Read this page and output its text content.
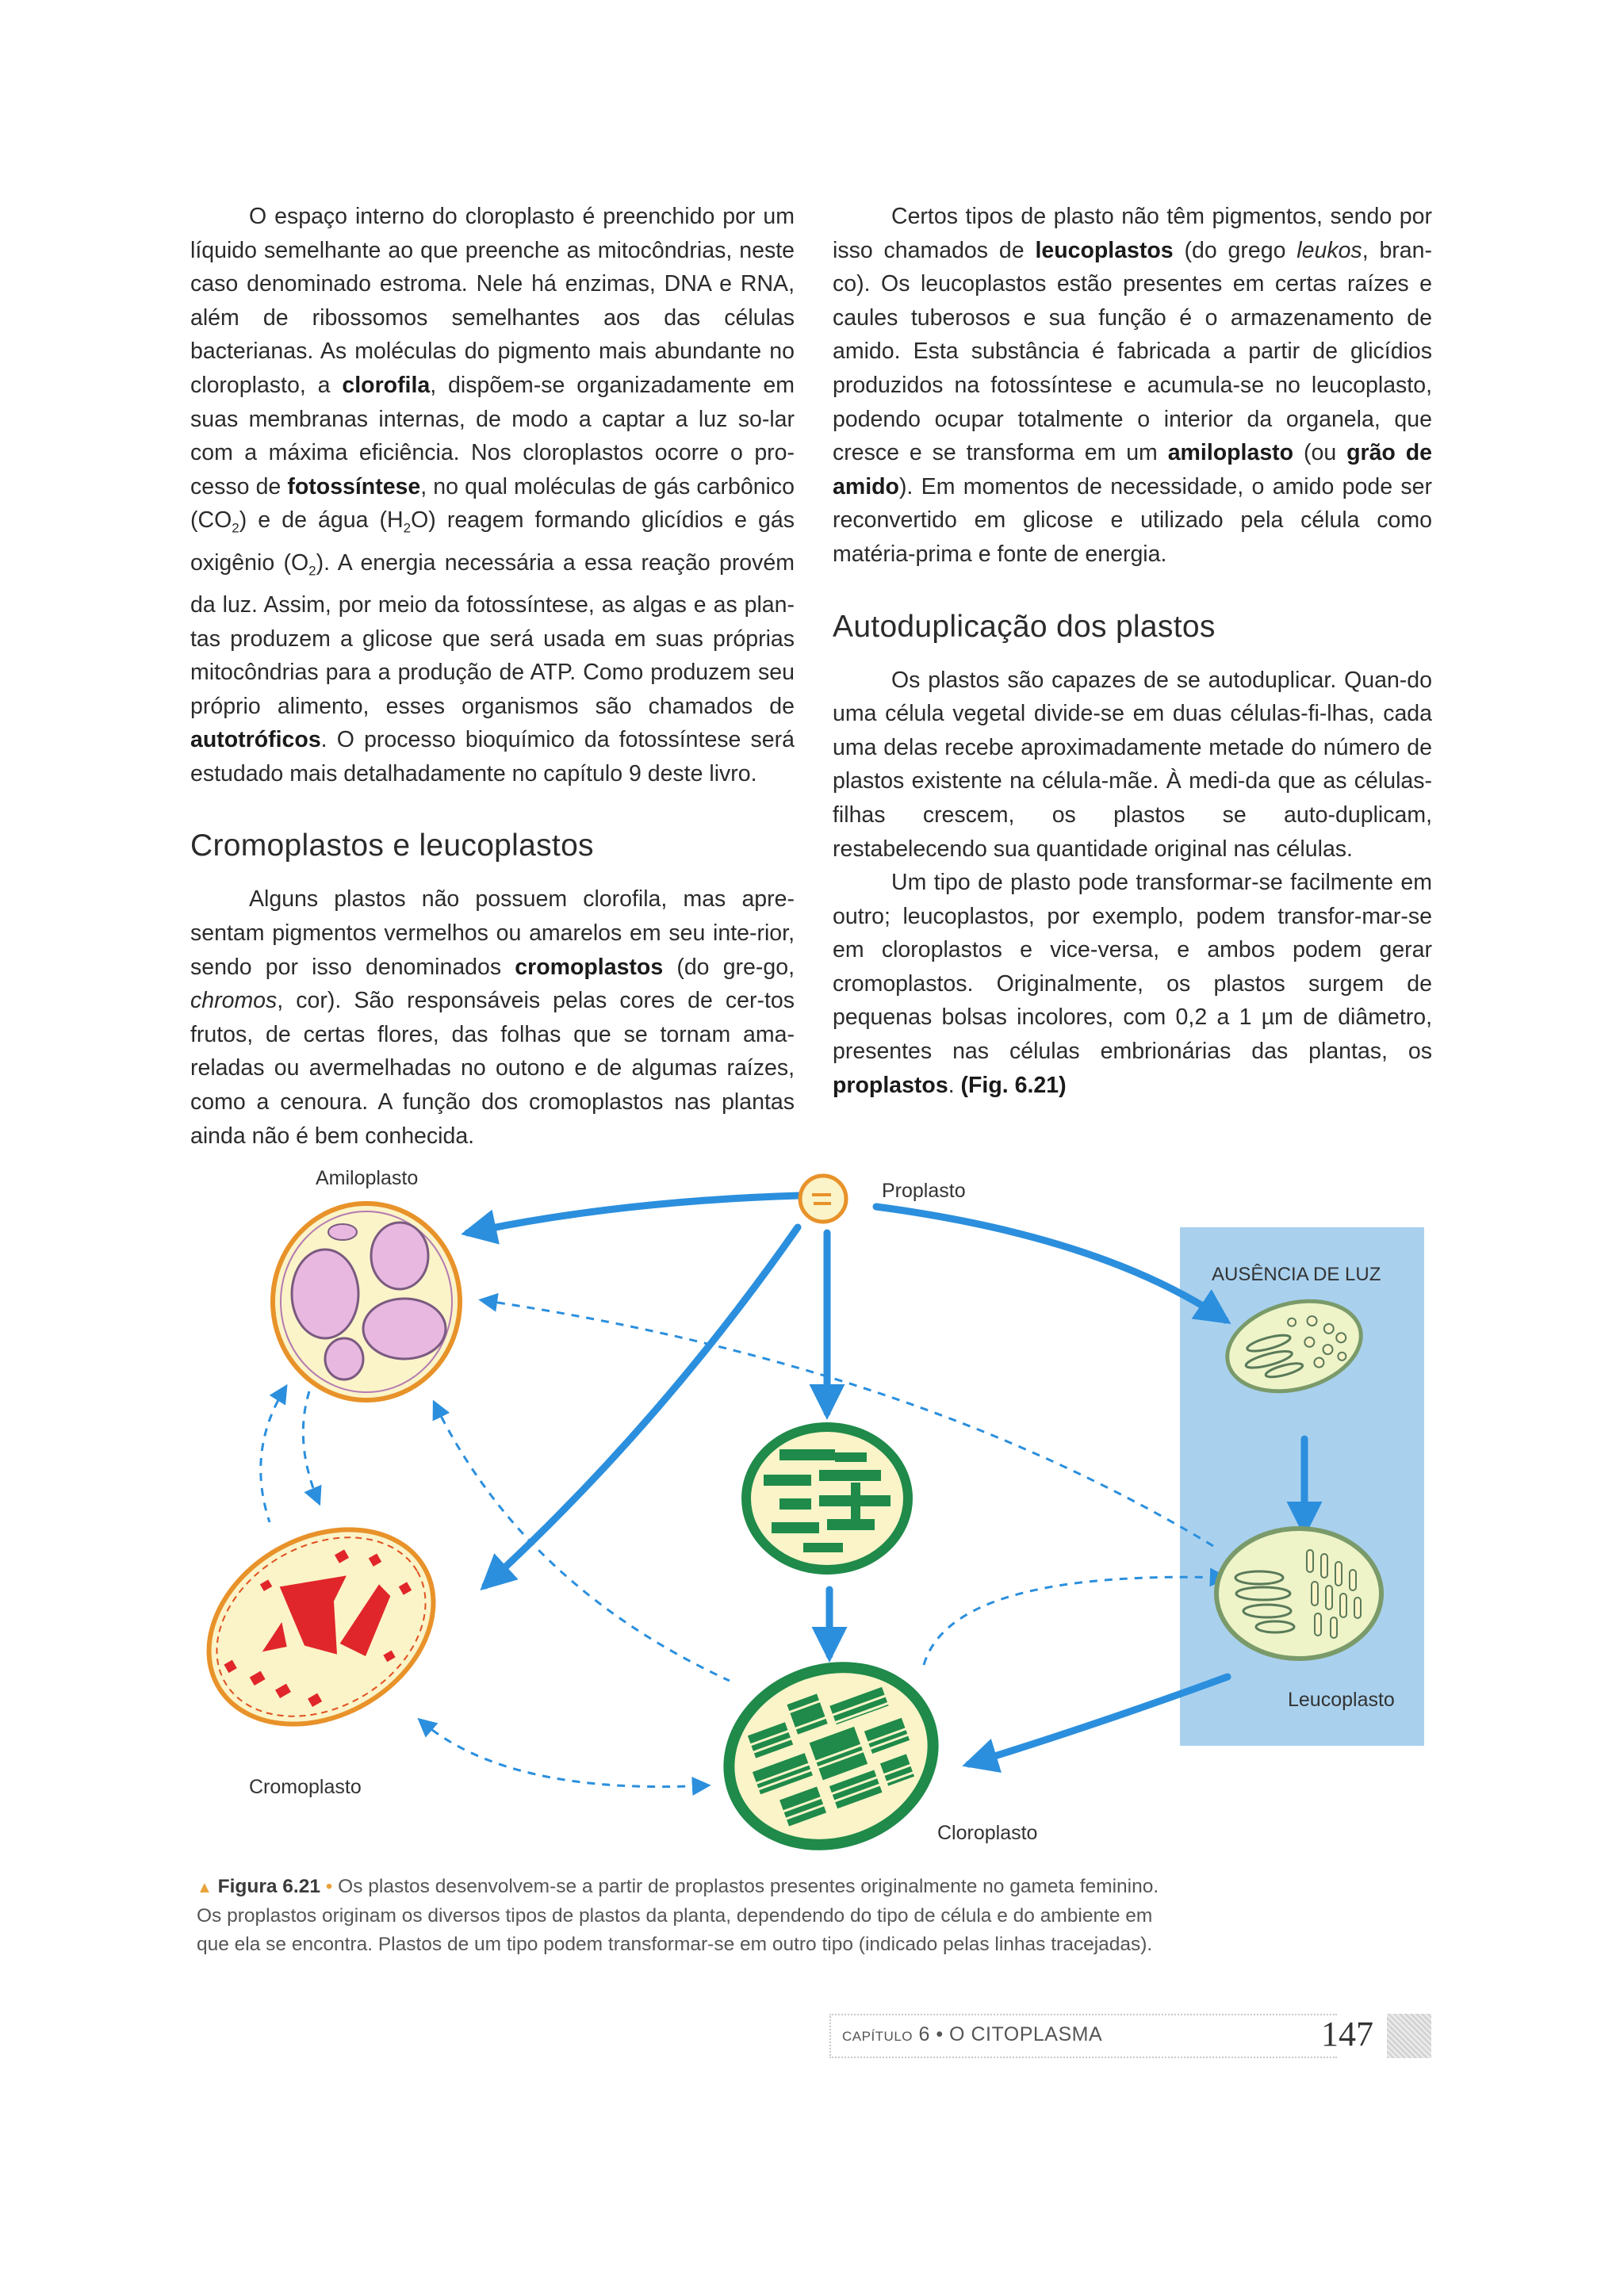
O espaço interno do cloroplasto é preenchido por um líquido semelhante ao que preenche as mitocôndrias, neste caso denominado estroma. Nele há enzimas, DNA e RNA, além de ribossomos semelhantes aos das células bacterianas. As moléculas do pigmento mais abundante no cloroplasto, a clorofila, dispõem-se organizadamente em suas membranas internas, de modo a captar a luz so-lar com a máxima eficiência. Nos cloroplastos ocorre o pro-cesso de fotossíntese, no qual moléculas de gás carbônico $(CO_2)$ e de água $(H_2O)$ reagem formando glicídios e gás oxigênio $(O_2)$. A energia necessária a essa reação provém da luz. Assim, por meio da fotossíntese, as algas e as plan-tas produzem a glicose que será usada em suas próprias mitocôndrias para a produção de ATP. Como produzem seu próprio alimento, esses organismos são chamados de autotróficos. O processo bioquímico da fotossíntese será estudado mais detalhadamente no capítulo 9 deste livro.

Cromoplastos e leucoplastos

Alguns plastos não possuem clorofila, mas apre-sentam pigmentos vermelhos ou amarelos em seu inte-rior, sendo por isso denominados cromoplastos (do gre-go, chromos, cor). São responsáveis pelas cores de cer-tos frutos, de certas flores, das folhas que se tornam ama-reladas ou avermelhadas no outono e de algumas raízes, como a cenoura. A função dos cromoplastos nas plantas ainda não é bem conhecida.

Certos tipos de plasto não têm pigmentos, sendo por isso chamados de leucoplastos (do grego leukos, bran-co). Os leucoplastos estão presentes em certas raízes e caules tuberosos e sua função é o armazenamento de amido. Esta substância é fabricada a partir de glicídios produzidos na fotossíntese e acumula-se no leucoplasto, podendo ocupar totalmente o interior da organela, que cresce e se transforma em um amiloplasto (ou grão de amido). Em momentos de necessidade, o amido pode ser reconvertido em glicose e utilizado pela célula como matéria-prima e fonte de energia.

Autoduplicação dos plastos

Os plastos são capazes de se autoduplicar. Quan-do uma célula vegetal divide-se em duas células-fi-lhas, cada uma delas recebe aproximadamente metade do número de plastos existente na célula-mãe. À medi-da que as células-filhas crescem, os plastos se auto-duplicam, restabelecendo sua quantidade original nas células.

Um tipo de plasto pode transformar-se facilmente em outro; leucoplastos, por exemplo, podem transfor-mar-se em cloroplastos e vice-versa, e ambos podem gerar cromoplastos. Originalmente, os plastos surgem de pequenas bolsas incolores, com 0,2 a 1 µm de diâmetro, presentes nas células embrionárias das plantas, os proplastos. (Fig. 6.21)

Amiloplasto
Proplasto
AUSÊNCIA DE LUZ
Leucoplasto
Cromoplasto
Cloroplasto
▲ Figura 6.21 • Os plastos desenvolvem-se a partir de proplastos presentes originalmente no gameta feminino. Os proplastos originam os diversos tipos de plastos da planta, dependendo do tipo de célula e do ambiente em que ela se encontra. Plastos de um tipo podem transformar-se em outro tipo (indicado pelas linhas tracejadas).
CAPÍTULO 6 • O CITOPLASMA	147
